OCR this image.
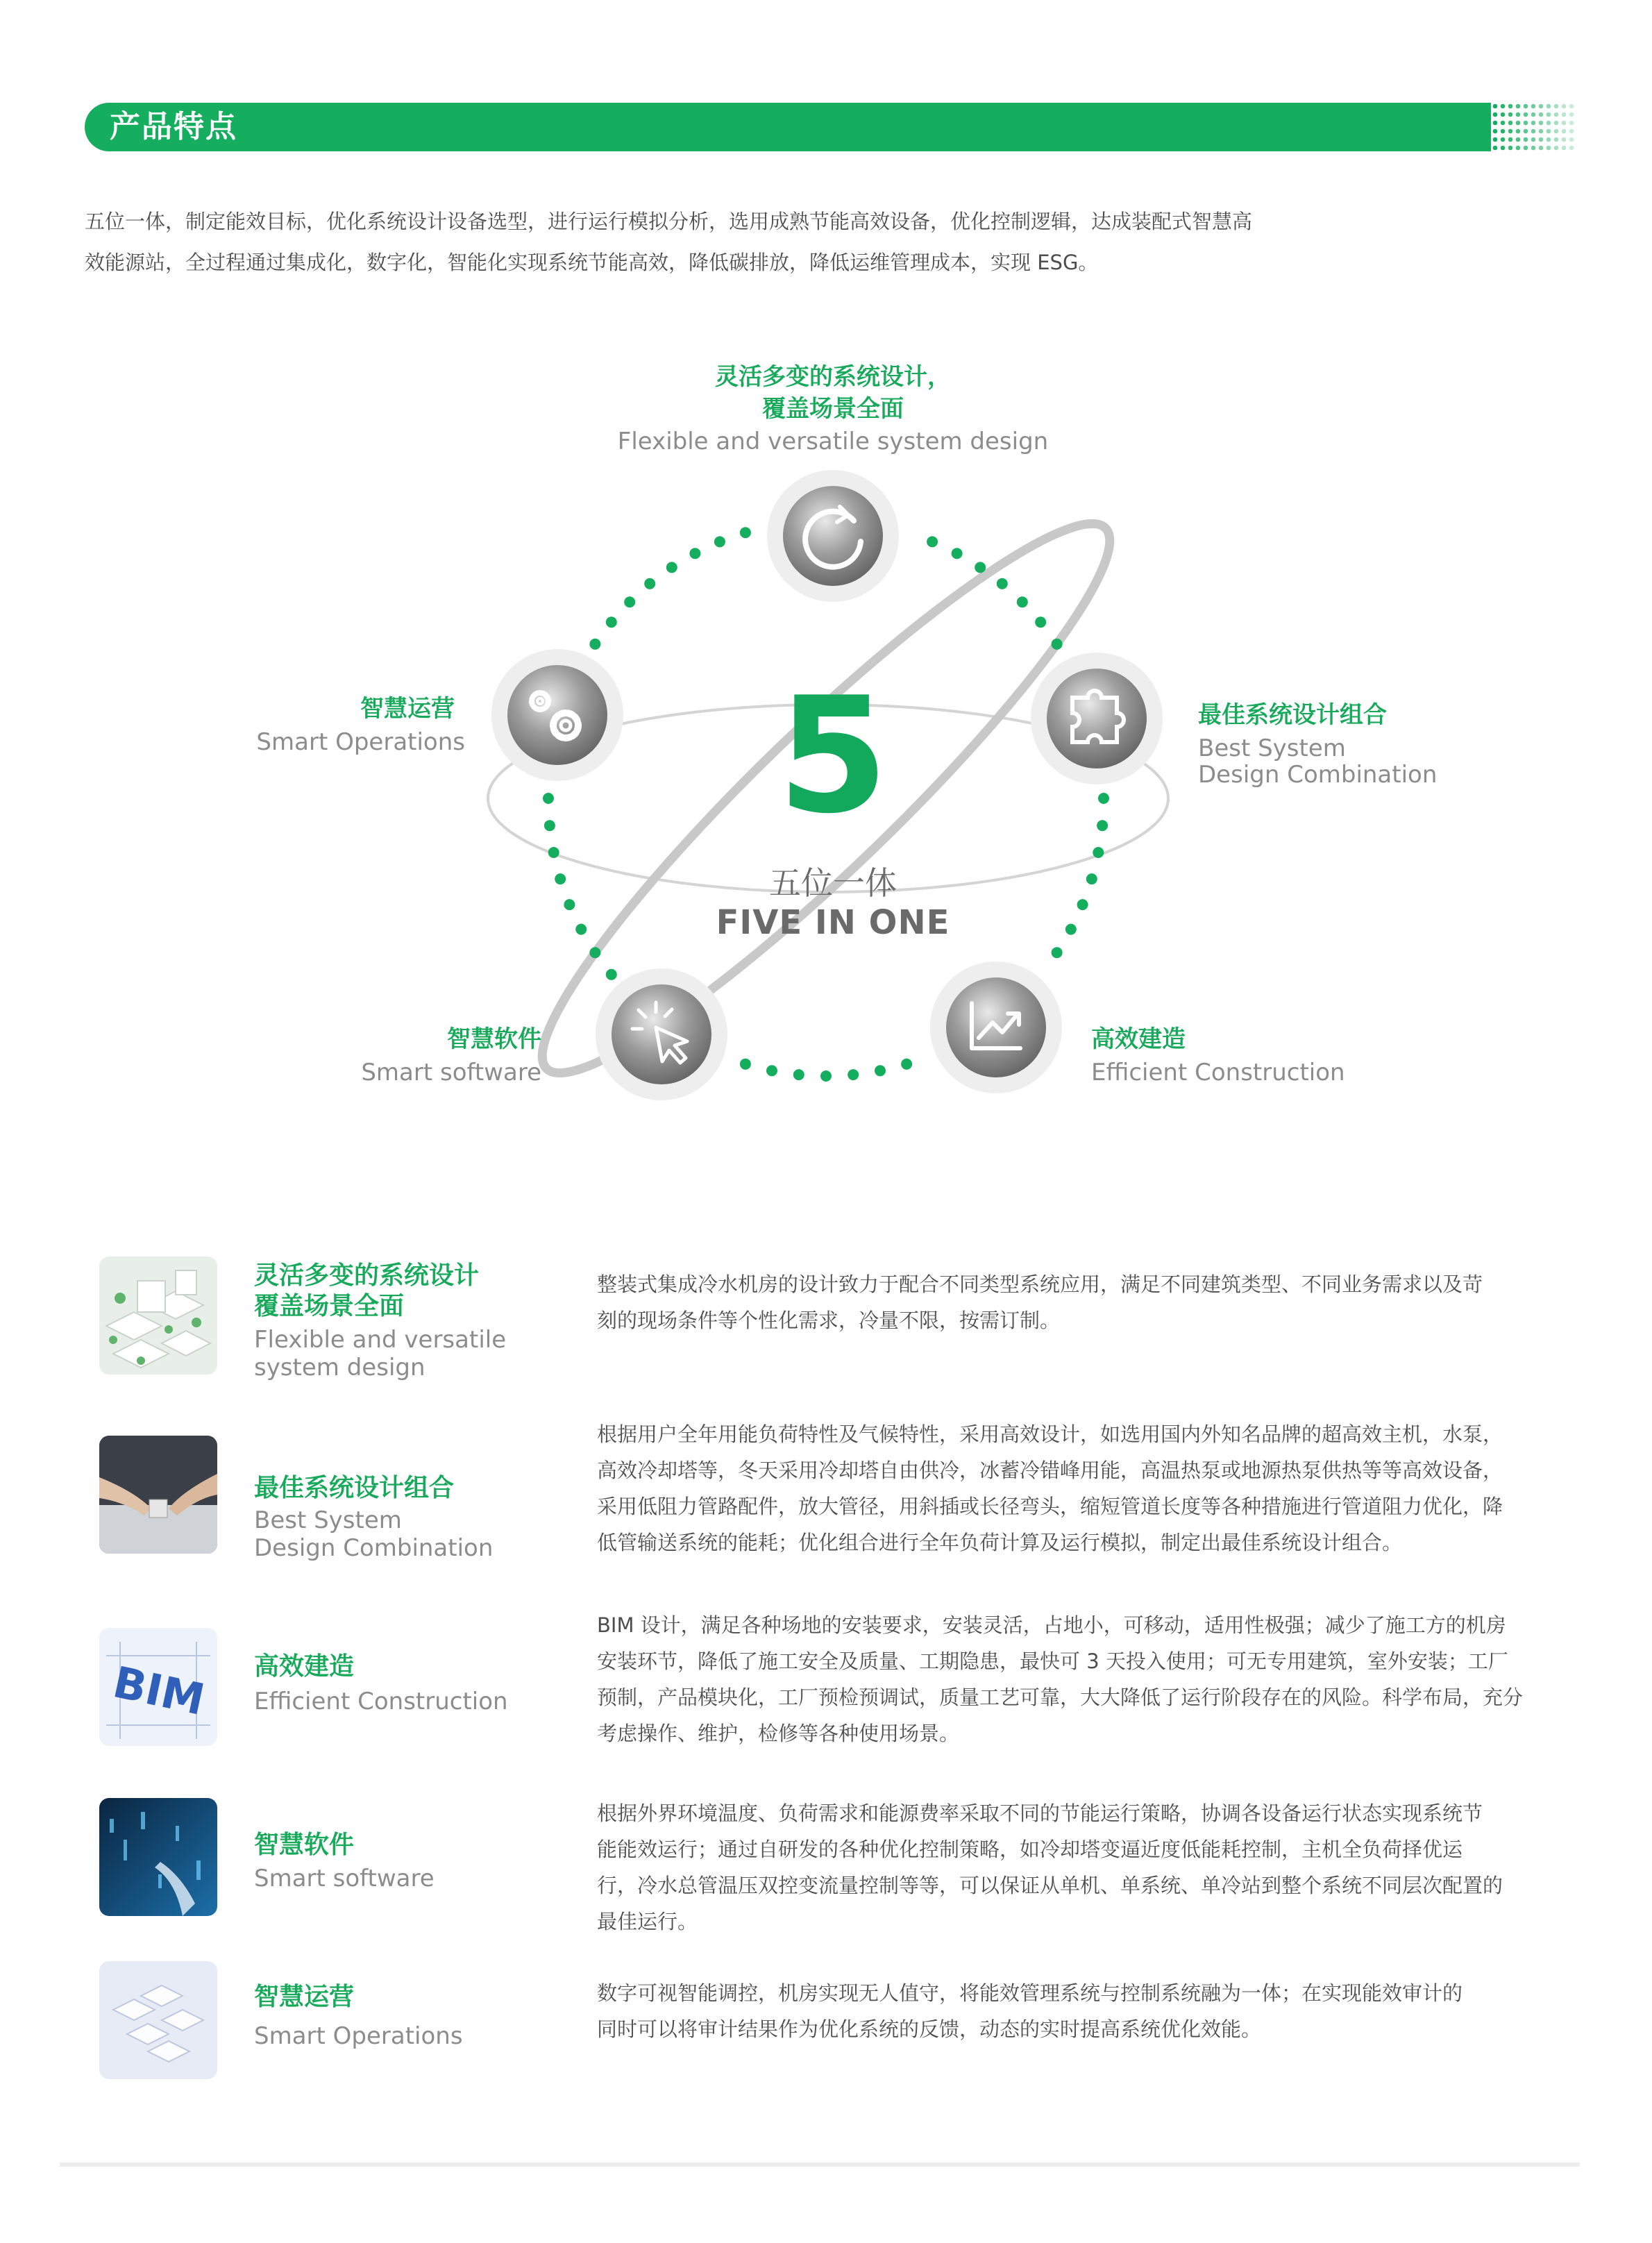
产品特点

五位一体，制定能效目标，优化系统设计设备选型，进行运行模拟分析，选用成熟节能高效设备，优化控制逻辑，达成装配式智慧高

效能源站，全过程通过集成化，数字化，智能化实现系统节能高效，降低碳排放，降低运维管理成本，实现 ESG。

灵活多变的系统设计，
覆盖场景全面
Flexible and versatile system design
最佳系统设计组合
Best System
Design Combination
高效建造
Efficient Construction
智慧软件
Smart software
智慧运营
Smart Operations	5
五位一体
FIVE IN ONE
灵活多变的系统设计
覆盖场景全面
Flexible and versatile
system design

整装式集成冷水机房的设计致力于配合不同类型系统应用，满足不同建筑类型、不同业务需求以及苛

刻的现场条件等个性化需求，冷量不限，按需订制。

最佳系统设计组合
Best System
Design Combination

根据用户全年用能负荷特性及气候特性，采用高效设计，如选用国内外知名品牌的超高效主机，水泵，

高效冷却塔等，冬天采用冷却塔自由供冷，冰蓄冷错峰用能，高温热泵或地源热泵供热等等高效设备，

采用低阻力管路配件，放大管径，用斜插或长径弯头，缩短管道长度等各种措施进行管道阻力优化，降

低管输送系统的能耗；优化组合进行全年负荷计算及运行模拟，制定出最佳系统设计组合。

BIM 高效建造
Efficient Construction

BIM 设计，满足各种场地的安装要求，安装灵活，占地小，可移动，适用性极强；减少了施工方的机房

安装环节，降低了施工安全及质量、工期隐患，最快可 3 天投入使用；可无专用建筑，室外安装；工厂

预制，产品模块化，工厂预检预调试，质量工艺可靠，大大降低了运行阶段存在的风险。科学布局，充分

考虑操作、维护，检修等各种使用场景。

智慧软件
Smart software

根据外界环境温度、负荷需求和能源费率采取不同的节能运行策略，协调各设备运行状态实现系统节

能能效运行；通过自研发的各种优化控制策略，如冷却塔变逼近度低能耗控制，主机全负荷择优运

行，冷水总管温压双控变流量控制等等，可以保证从单机、单系统、单冷站到整个系统不同层次配置的

最佳运行。

智慧运营
Smart Operations

数字可视智能调控，机房实现无人值守，将能效管理系统与控制系统融为一体；在实现能效审计的

同时可以将审计结果作为优化系统的反馈，动态的实时提高系统优化效能。
